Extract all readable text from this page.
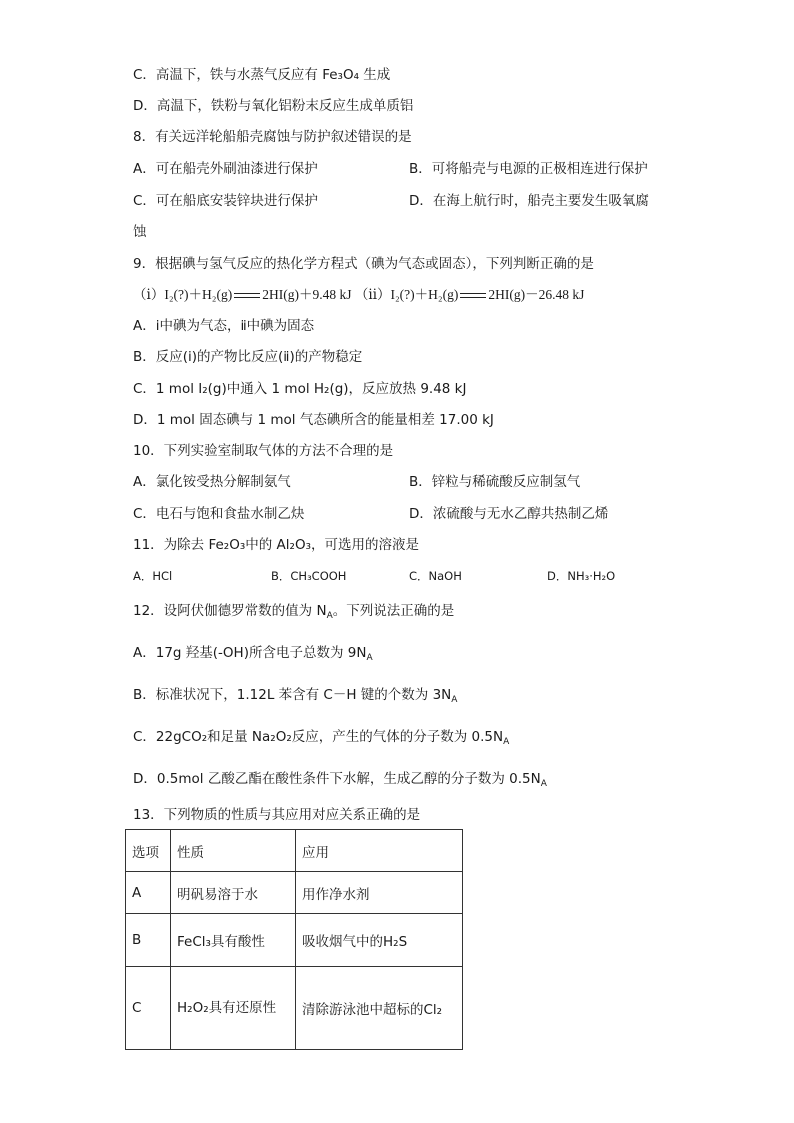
C．高温下，铁与水蒸气反应有 Fe₃O₄ 生成
D．高温下，铁粉与氧化铝粉末反应生成单质铝
8．有关远洋轮船船壳腐蚀与防护叙述错误的是
A．可在船壳外刷油漆进行保护	B．可将船壳与电源的正极相连进行保护
C．可在船底安装锌块进行保护	D．在海上航行时，船壳主要发生吸氧腐
蚀
9．根据碘与氢气反应的热化学方程式（碘为气态或固态），下列判断正确的是
（ⅰ）I₂(?)＋H₂(g) 2HI(g)＋9.48 kJ （ⅱ）I₂(?)＋H₂(g) 2HI(g)－26.48 kJ
A．ⅰ中碘为气态，ⅱ中碘为固态
B．反应(ⅰ)的产物比反应(ⅱ)的产物稳定
C．1 mol I₂(g)中通入 1 mol H₂(g)，反应放热 9.48 kJ
D．1 mol 固态碘与 1 mol 气态碘所含的能量相差 17.00 kJ
10．下列实验室制取气体的方法不合理的是
A．氯化铵受热分解制氨气	B．锌粒与稀硫酸反应制氢气
C．电石与饱和食盐水制乙炔	D．浓硫酸与无水乙醇共热制乙烯
11．为除去 Fe₂O₃中的 Al₂O₃，可选用的溶液是
A．HCl	B．CH₃COOH	C．NaOH	D．NH₃·H₂O
12．设阿伏伽德罗常数的值为 $N_A$。下列说法正确的是
A．17g 羟基(-OH)所含电子总数为 $9N_A$
B．标准状况下，1.12L 苯含有 C－H 键的个数为 $3N_A$
C．22gCO₂和足量 Na₂O₂反应，产生的气体的分子数为 $0.5N_A$
D．0.5mol 乙酸乙酯在酸性条件下水解，生成乙醇的分子数为 $0.5N_A$
13．下列物质的性质与其应用对应关系正确的是
选项	性质	应用
A	明矾易溶于水	用作净水剂
B	FeCl₃具有酸性	吸收烟气中的H₂S
C	H₂O₂具有还原性	清除游泳池中超标的Cl₂
